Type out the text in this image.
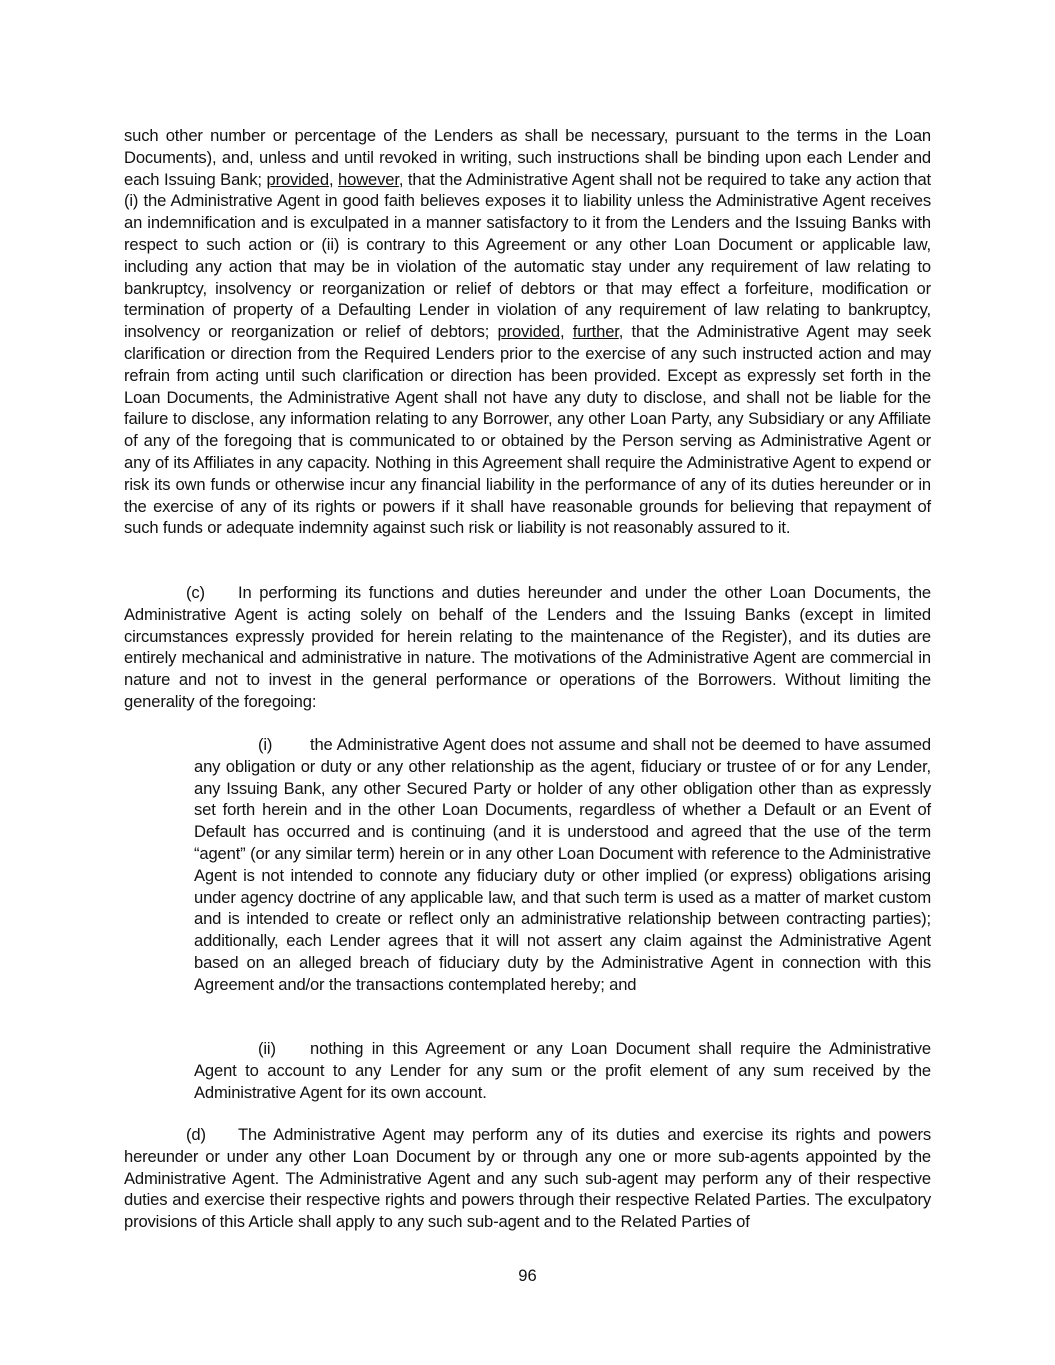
such other number or percentage of the Lenders as shall be necessary, pursuant to the terms in the Loan Documents), and, unless and until revoked in writing, such instructions shall be binding upon each Lender and each Issuing Bank; provided, however, that the Administrative Agent shall not be required to take any action that (i) the Administrative Agent in good faith believes exposes it to liability unless the Administrative Agent receives an indemnification and is exculpated in a manner satisfactory to it from the Lenders and the Issuing Banks with respect to such action or (ii) is contrary to this Agreement or any other Loan Document or applicable law, including any action that may be in violation of the automatic stay under any requirement of law relating to bankruptcy, insolvency or reorganization or relief of debtors or that may effect a forfeiture, modification or termination of property of a Defaulting Lender in violation of any requirement of law relating to bankruptcy, insolvency or reorganization or relief of debtors; provided, further, that the Administrative Agent may seek clarification or direction from the Required Lenders prior to the exercise of any such instructed action and may refrain from acting until such clarification or direction has been provided. Except as expressly set forth in the Loan Documents, the Administrative Agent shall not have any duty to disclose, and shall not be liable for the failure to disclose, any information relating to any Borrower, any other Loan Party, any Subsidiary or any Affiliate of any of the foregoing that is communicated to or obtained by the Person serving as Administrative Agent or any of its Affiliates in any capacity. Nothing in this Agreement shall require the Administrative Agent to expend or risk its own funds or otherwise incur any financial liability in the performance of any of its duties hereunder or in the exercise of any of its rights or powers if it shall have reasonable grounds for believing that repayment of such funds or adequate indemnity against such risk or liability is not reasonably assured to it.

(c) In performing its functions and duties hereunder and under the other Loan Documents, the Administrative Agent is acting solely on behalf of the Lenders and the Issuing Banks (except in limited circumstances expressly provided for herein relating to the maintenance of the Register), and its duties are entirely mechanical and administrative in nature. The motivations of the Administrative Agent are commercial in nature and not to invest in the general performance or operations of the Borrowers. Without limiting the generality of the foregoing:

(i) the Administrative Agent does not assume and shall not be deemed to have assumed any obligation or duty or any other relationship as the agent, fiduciary or trustee of or for any Lender, any Issuing Bank, any other Secured Party or holder of any other obligation other than as expressly set forth herein and in the other Loan Documents, regardless of whether a Default or an Event of Default has occurred and is continuing (and it is understood and agreed that the use of the term “agent” (or any similar term) herein or in any other Loan Document with reference to the Administrative Agent is not intended to connote any fiduciary duty or other implied (or express) obligations arising under agency doctrine of any applicable law, and that such term is used as a matter of market custom and is intended to create or reflect only an administrative relationship between contracting parties); additionally, each Lender agrees that it will not assert any claim against the Administrative Agent based on an alleged breach of fiduciary duty by the Administrative Agent in connection with this Agreement and/or the transactions contemplated hereby; and

(ii) nothing in this Agreement or any Loan Document shall require the Administrative Agent to account to any Lender for any sum or the profit element of any sum received by the Administrative Agent for its own account.

(d) The Administrative Agent may perform any of its duties and exercise its rights and powers hereunder or under any other Loan Document by or through any one or more sub-agents appointed by the Administrative Agent. The Administrative Agent and any such sub-agent may perform any of their respective duties and exercise their respective rights and powers through their respective Related Parties. The exculpatory provisions of this Article shall apply to any such sub-agent and to the Related Parties of

96
